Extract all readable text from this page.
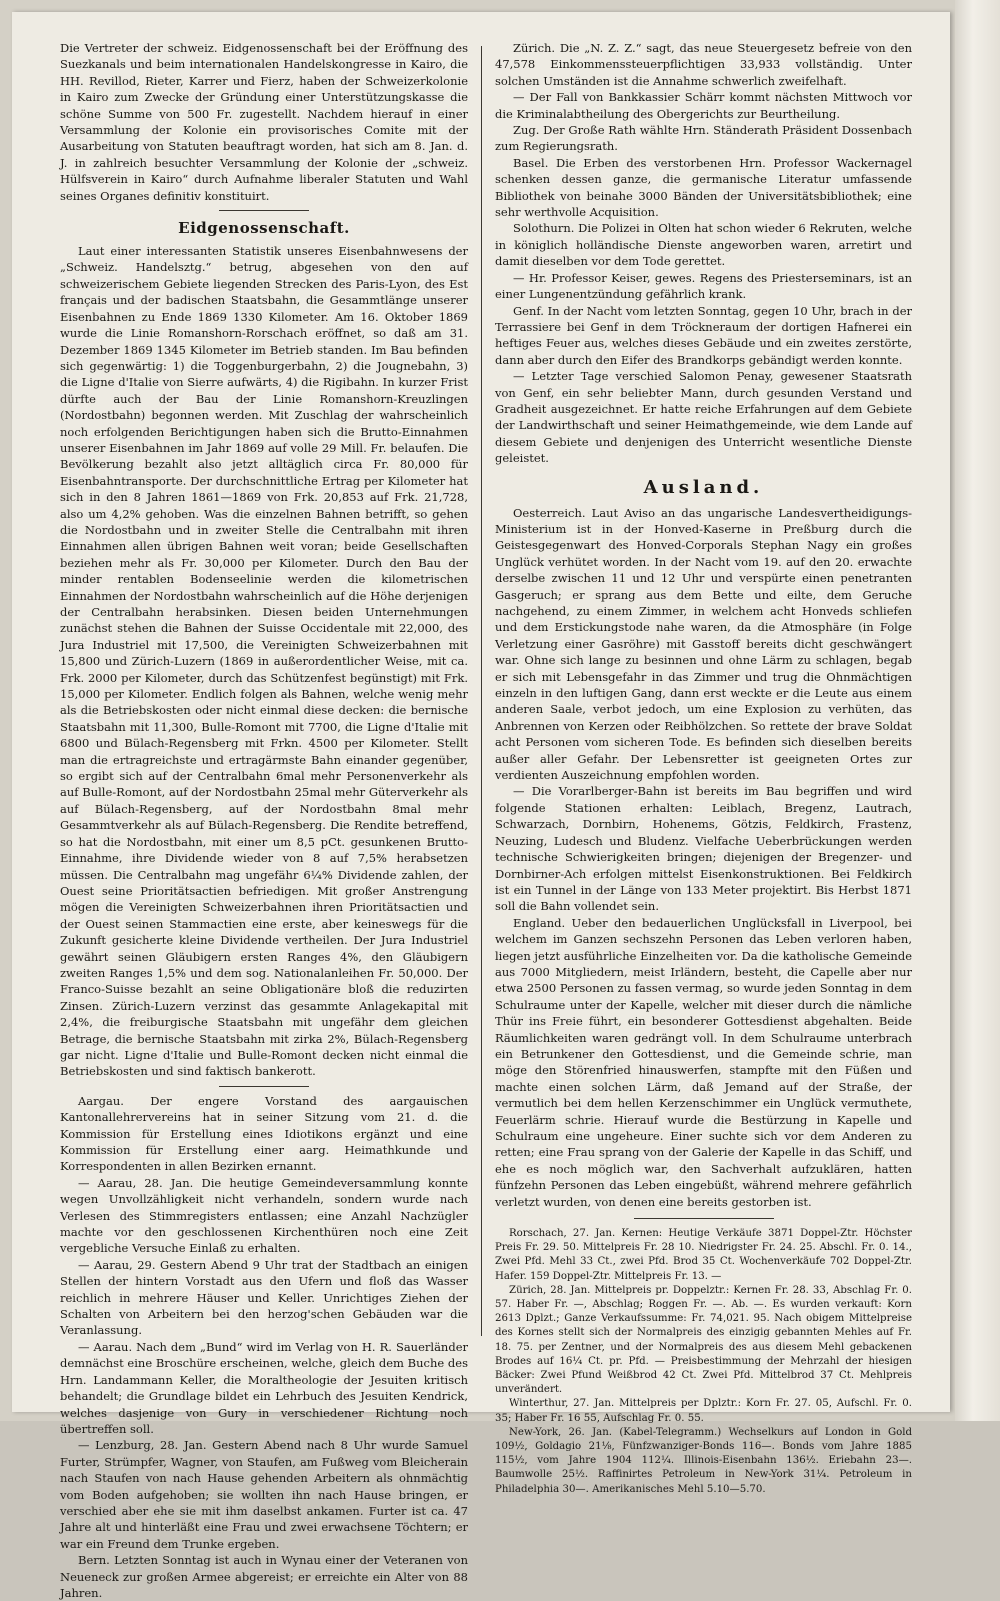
Die Vertreter der schweiz. Eidgenossenschaft bei der Eröffnung des Suezkanals und beim internationalen Handelskongresse in Kairo, die HH. Revillod, Rieter, Karrer und Fierz, haben der Schweizerkolonie in Kairo zum Zwecke der Gründung einer Unterstützungskasse die schöne Summe von 500 Fr. zugestellt. Nachdem hierauf in einer Versammlung der Kolonie ein provisorisches Comite mit der Ausarbeitung von Statuten beauftragt worden, hat sich am 8. Jan. d. J. in zahlreich besuchter Versammlung der Kolonie der „schweiz. Hülfsverein in Kairo“ durch Aufnahme liberaler Statuten und Wahl seines Organes definitiv konstituirt.

Eidgenossenschaft.

Laut einer interessanten Statistik unseres Eisenbahnwesens der „Schweiz. Handelsztg.“ betrug, abgesehen von den auf schweizerischem Gebiete liegenden Strecken des Paris-Lyon, des Est français und der badischen Staatsbahn, die Gesammtlänge unserer Eisenbahnen zu Ende 1869 1330 Kilometer. Am 16. Oktober 1869 wurde die Linie Romanshorn-Rorschach eröffnet, so daß am 31. Dezember 1869 1345 Kilometer im Betrieb standen. Im Bau befinden sich gegenwärtig: 1) die Toggenburgerbahn, 2) die Jougnebahn, 3) die Ligne d'Italie von Sierre aufwärts, 4) die Rigibahn. In kurzer Frist dürfte auch der Bau der Linie Romanshorn-Kreuzlingen (Nordostbahn) begonnen werden. Mit Zuschlag der wahrscheinlich noch erfolgenden Berichtigungen haben sich die Brutto-Einnahmen unserer Eisenbahnen im Jahr 1869 auf volle 29 Mill. Fr. belaufen. Die Bevölkerung bezahlt also jetzt alltäglich circa Fr. 80,000 für Eisenbahntransporte. Der durchschnittliche Ertrag per Kilometer hat sich in den 8 Jahren 1861—1869 von Frk. 20,853 auf Frk. 21,728, also um 4,2% gehoben. Was die einzelnen Bahnen betrifft, so gehen die Nordostbahn und in zweiter Stelle die Centralbahn mit ihren Einnahmen allen übrigen Bahnen weit voran; beide Gesellschaften beziehen mehr als Fr. 30,000 per Kilometer. Durch den Bau der minder rentablen Bodenseelinie werden die kilometrischen Einnahmen der Nordostbahn wahrscheinlich auf die Höhe derjenigen der Centralbahn herabsinken. Diesen beiden Unternehmungen zunächst stehen die Bahnen der Suisse Occidentale mit 22,000, des Jura Industriel mit 17,500, die Vereinigten Schweizerbahnen mit 15,800 und Zürich-Luzern (1869 in außerordentlicher Weise, mit ca. Frk. 2000 per Kilometer, durch das Schützenfest begünstigt) mit Frk. 15,000 per Kilometer. Endlich folgen als Bahnen, welche wenig mehr als die Betriebskosten oder nicht einmal diese decken: die bernische Staatsbahn mit 11,300, Bulle-Romont mit 7700, die Ligne d'Italie mit 6800 und Bülach-Regensberg mit Frkn. 4500 per Kilometer. Stellt man die ertragreichste und ertragärmste Bahn einander gegenüber, so ergibt sich auf der Centralbahn 6mal mehr Personenverkehr als auf Bulle-Romont, auf der Nordostbahn 25mal mehr Güterverkehr als auf Bülach-Regensberg, auf der Nordostbahn 8mal mehr Gesammtverkehr als auf Bülach-Regensberg. Die Rendite betreffend, so hat die Nordostbahn, mit einer um 8,5 pCt. gesunkenen Brutto-Einnahme, ihre Dividende wieder von 8 auf 7,5% herabsetzen müssen. Die Centralbahn mag ungefähr 6¼% Dividende zahlen, der Ouest seine Prioritätsactien befriedigen. Mit großer Anstrengung mögen die Vereinigten Schweizerbahnen ihren Prioritätsactien und der Ouest seinen Stammactien eine erste, aber keineswegs für die Zukunft gesicherte kleine Dividende vertheilen. Der Jura Industriel gewährt seinen Gläubigern ersten Ranges 4%, den Gläubigern zweiten Ranges 1,5% und dem sog. Nationalanleihen Fr. 50,000. Der Franco-Suisse bezahlt an seine Obligationäre bloß die reduzirten Zinsen. Zürich-Luzern verzinst das gesammte Anlagekapital mit 2,4%, die freiburgische Staatsbahn mit ungefähr dem gleichen Betrage, die bernische Staatsbahn mit zirka 2%, Bülach-Regensberg gar nicht. Ligne d'Italie und Bulle-Romont decken nicht einmal die Betriebskosten und sind faktisch bankerott.

Aargau. Der engere Vorstand des aargauischen Kantonallehrervereins hat in seiner Sitzung vom 21. d. die Kommission für Erstellung eines Idiotikons ergänzt und eine Kommission für Erstellung einer aarg. Heimathkunde und Korrespondenten in allen Bezirken ernannt.

— Aarau, 28. Jan. Die heutige Gemeindeversammlung konnte wegen Unvollzähligkeit nicht verhandeln, sondern wurde nach Verlesen des Stimmregisters entlassen; eine Anzahl Nachzügler machte vor den geschlossenen Kirchenthüren noch eine Zeit vergebliche Versuche Einlaß zu erhalten.

— Aarau, 29. Gestern Abend 9 Uhr trat der Stadtbach an einigen Stellen der hintern Vorstadt aus den Ufern und floß das Wasser reichlich in mehrere Häuser und Keller. Unrichtiges Ziehen der Schalten von Arbeitern bei den herzog'schen Gebäuden war die Veranlassung.

— Aarau. Nach dem „Bund“ wird im Verlag von H. R. Sauerländer demnächst eine Broschüre erscheinen, welche, gleich dem Buche des Hrn. Landammann Keller, die Moraltheologie der Jesuiten kritisch behandelt; die Grundlage bildet ein Lehrbuch des Jesuiten Kendrick, welches dasjenige von Gury in verschiedener Richtung noch übertreffen soll.

— Lenzburg, 28. Jan. Gestern Abend nach 8 Uhr wurde Samuel Furter, Strümpfer, Wagner, von Staufen, am Fußweg vom Bleicherain nach Staufen von nach Hause gehenden Arbeitern als ohnmächtig vom Boden aufgehoben; sie wollten ihn nach Hause bringen, er verschied aber ehe sie mit ihm daselbst ankamen. Furter ist ca. 47 Jahre alt und hinterläßt eine Frau und zwei erwachsene Töchtern; er war ein Freund dem Trunke ergeben.

Bern. Letzten Sonntag ist auch in Wynau einer der Veteranen von Neueneck zur großen Armee abgereist; er erreichte ein Alter von 88 Jahren.

Zürich. Die „N. Z. Z.“ sagt, das neue Steuergesetz befreie von den 47,578 Einkommenssteuerpflichtigen 33,933 vollständig. Unter solchen Umständen ist die Annahme schwerlich zweifelhaft.

— Der Fall von Bankkassier Schärr kommt nächsten Mittwoch vor die Kriminalabtheilung des Obergerichts zur Beurtheilung.

Zug. Der Große Rath wählte Hrn. Ständerath Präsident Dossenbach zum Regierungsrath.

Basel. Die Erben des verstorbenen Hrn. Professor Wackernagel schenken dessen ganze, die germanische Literatur umfassende Bibliothek von beinahe 3000 Bänden der Universitätsbibliothek; eine sehr werthvolle Acquisition.

Solothurn. Die Polizei in Olten hat schon wieder 6 Rekruten, welche in königlich holländische Dienste angeworben waren, arretirt und damit dieselben vor dem Tode gerettet.

— Hr. Professor Keiser, gewes. Regens des Priesterseminars, ist an einer Lungenentzündung gefährlich krank.

Genf. In der Nacht vom letzten Sonntag, gegen 10 Uhr, brach in der Terrassiere bei Genf in dem Tröckneraum der dortigen Hafnerei ein heftiges Feuer aus, welches dieses Gebäude und ein zweites zerstörte, dann aber durch den Eifer des Brandkorps gebändigt werden konnte.

— Letzter Tage verschied Salomon Penay, gewesener Staatsrath von Genf, ein sehr beliebter Mann, durch gesunden Verstand und Gradheit ausgezeichnet. Er hatte reiche Erfahrungen auf dem Gebiete der Landwirthschaft und seiner Heimathgemeinde, wie dem Lande auf diesem Gebiete und denjenigen des Unterricht wesentliche Dienste geleistet.

Ausland.

Oesterreich. Laut Aviso an das ungarische Landesvertheidigungs-Ministerium ist in der Honved-Kaserne in Preßburg durch die Geistesgegenwart des Honved-Corporals Stephan Nagy ein großes Unglück verhütet worden. In der Nacht vom 19. auf den 20. erwachte derselbe zwischen 11 und 12 Uhr und verspürte einen penetranten Gasgeruch; er sprang aus dem Bette und eilte, dem Geruche nachgehend, zu einem Zimmer, in welchem acht Honveds schliefen und dem Erstickungstode nahe waren, da die Atmosphäre (in Folge Verletzung einer Gasröhre) mit Gasstoff bereits dicht geschwängert war. Ohne sich lange zu besinnen und ohne Lärm zu schlagen, begab er sich mit Lebensgefahr in das Zimmer und trug die Ohnmächtigen einzeln in den luftigen Gang, dann erst weckte er die Leute aus einem anderen Saale, verbot jedoch, um eine Explosion zu verhüten, das Anbrennen von Kerzen oder Reibhölzchen. So rettete der brave Soldat acht Personen vom sicheren Tode. Es befinden sich dieselben bereits außer aller Gefahr. Der Lebensretter ist geeigneten Ortes zur verdienten Auszeichnung empfohlen worden.

— Die Vorarlberger-Bahn ist bereits im Bau begriffen und wird folgende Stationen erhalten: Leiblach, Bregenz, Lautrach, Schwarzach, Dornbirn, Hohenems, Götzis, Feldkirch, Frastenz, Neuzing, Ludesch und Bludenz. Vielfache Ueberbrückungen werden technische Schwierigkeiten bringen; diejenigen der Bregenzer- und Dornbirner-Ach erfolgen mittelst Eisenkonstruktionen. Bei Feldkirch ist ein Tunnel in der Länge von 133 Meter projektirt. Bis Herbst 1871 soll die Bahn vollendet sein.

England. Ueber den bedauerlichen Unglücksfall in Liverpool, bei welchem im Ganzen sechszehn Personen das Leben verloren haben, liegen jetzt ausführliche Einzelheiten vor. Da die katholische Gemeinde aus 7000 Mitgliedern, meist Irländern, besteht, die Capelle aber nur etwa 2500 Personen zu fassen vermag, so wurde jeden Sonntag in dem Schulraume unter der Kapelle, welcher mit dieser durch die nämliche Thür ins Freie führt, ein besonderer Gottesdienst abgehalten. Beide Räumlichkeiten waren gedrängt voll. In dem Schulraume unterbrach ein Betrunkener den Gottesdienst, und die Gemeinde schrie, man möge den Störenfried hinauswerfen, stampfte mit den Füßen und machte einen solchen Lärm, daß Jemand auf der Straße, der vermutlich bei dem hellen Kerzenschimmer ein Unglück vermuthete, Feuerlärm schrie. Hierauf wurde die Bestürzung in Kapelle und Schulraum eine ungeheure. Einer suchte sich vor dem Anderen zu retten; eine Frau sprang von der Galerie der Kapelle in das Schiff, und ehe es noch möglich war, den Sachverhalt aufzuklären, hatten fünfzehn Personen das Leben eingebüßt, während mehrere gefährlich verletzt wurden, von denen eine bereits gestorben ist.

Rorschach, 27. Jan. Kernen: Heutige Verkäufe 3871 Doppel-Ztr. Höchster Preis Fr. 29. 50. Mittelpreis Fr. 28 10. Niedrigster Fr. 24. 25. Abschl. Fr. 0. 14., Zwei Pfd. Mehl 33 Ct., zwei Pfd. Brod 35 Ct. Wochenverkäufe 702 Doppel-Ztr. Hafer. 159 Doppel-Ztr. Mittelpreis Fr. 13. —

Zürich, 28. Jan. Mittelpreis pr. Doppelztr.: Kernen Fr. 28. 33, Abschlag Fr. 0. 57. Haber Fr. —, Abschlag; Roggen Fr. —. Ab. —. Es wurden verkauft: Korn 2613 Dplzt.; Ganze Verkaufssumme: Fr. 74,021. 95. Nach obigem Mittelpreise des Kornes stellt sich der Normalpreis des einzigig gebannten Mehles auf Fr. 18. 75. per Zentner, und der Normalpreis des aus diesem Mehl gebackenen Brodes auf 16¼ Ct. pr. Pfd. — Preisbestimmung der Mehrzahl der hiesigen Bäcker: Zwei Pfund Weißbrod 42 Ct. Zwei Pfd. Mittelbrod 37 Ct. Mehlpreis unverändert.

Winterthur, 27. Jan. Mittelpreis per Dplztr.: Korn Fr. 27. 05, Aufschl. Fr. 0. 35; Haber Fr. 16 55, Aufschlag Fr. 0. 55.

New-York, 26. Jan. (Kabel-Telegramm.) Wechselkurs auf London in Gold 109½, Goldagio 21⅛, Fünfzwanziger-Bonds 116—. Bonds vom Jahre 1885 115½, vom Jahre 1904 112¼. Illinois-Eisenbahn 136½. Eriebahn 23—. Baumwolle 25½. Raffinirtes Petroleum in New-York 31¼. Petroleum in Philadelphia 30—. Amerikanisches Mehl 5.10—5.70.
